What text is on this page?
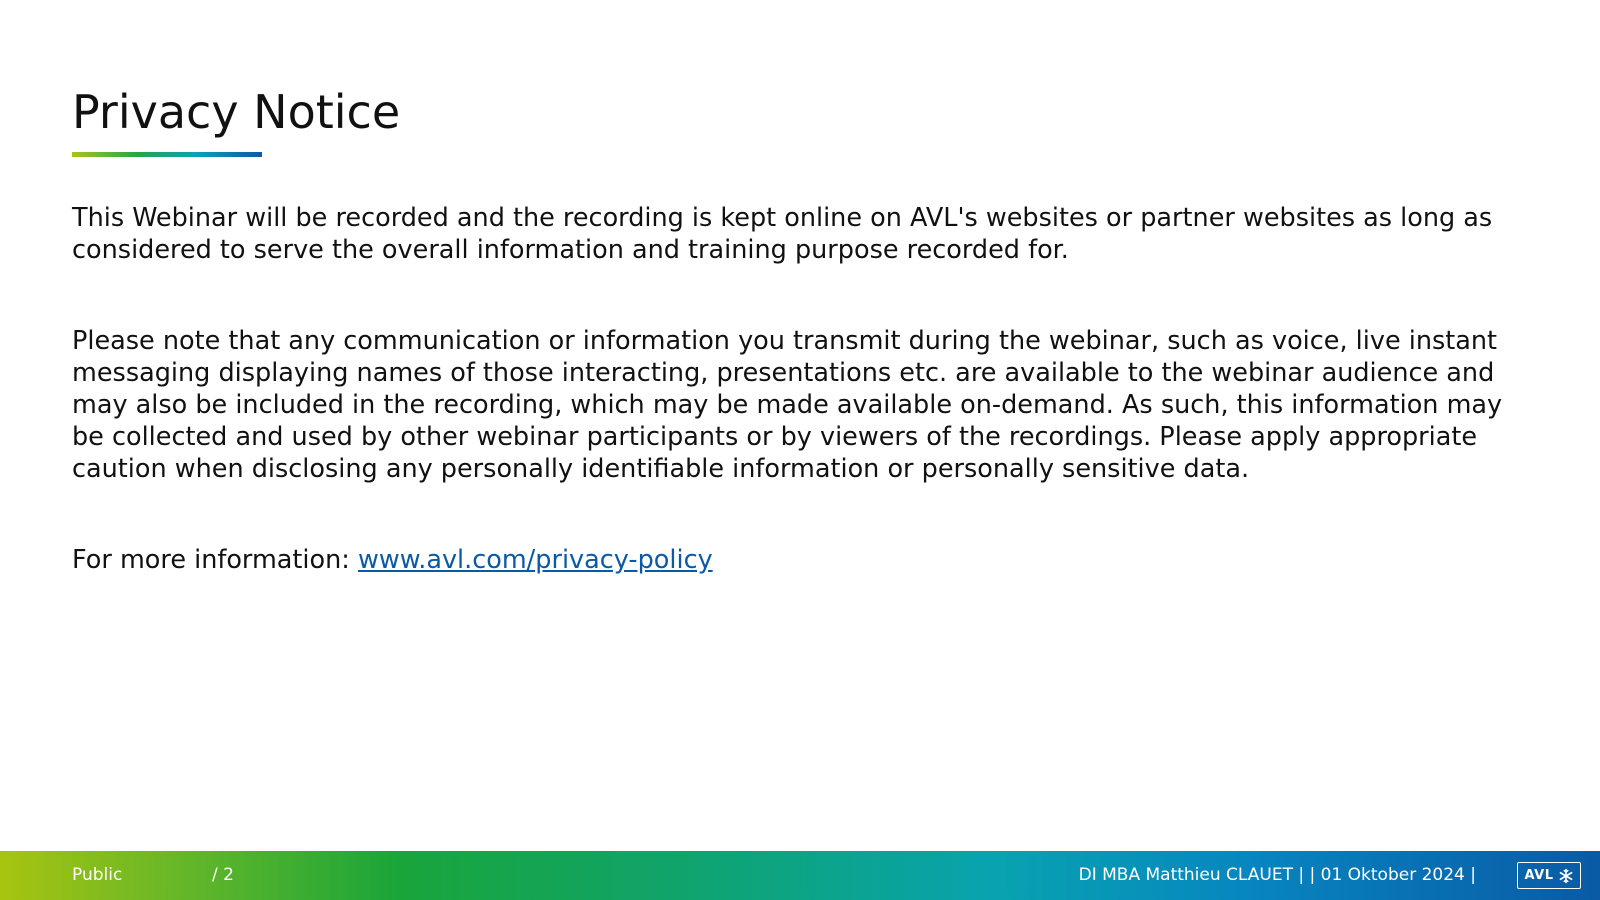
Privacy Notice

This Webinar will be recorded and the recording is kept online on AVL's websites or partner websites as long as considered to serve the overall information and training purpose recorded for.

Please note that any communication or information you transmit during the webinar, such as voice, live instant messaging displaying names of those interacting, presentations etc. are available to the webinar audience and may also be included in the recording, which may be made available on-demand. As such, this information may be collected and used by other webinar participants or by viewers of the recordings. Please apply appropriate caution when disclosing any personally identifiable information or personally sensitive data.

For more information: www.avl.com/privacy-policy

Public	/ 2	DI MBA Matthieu CLAUET | | 01 Oktober 2024 |	AVL
